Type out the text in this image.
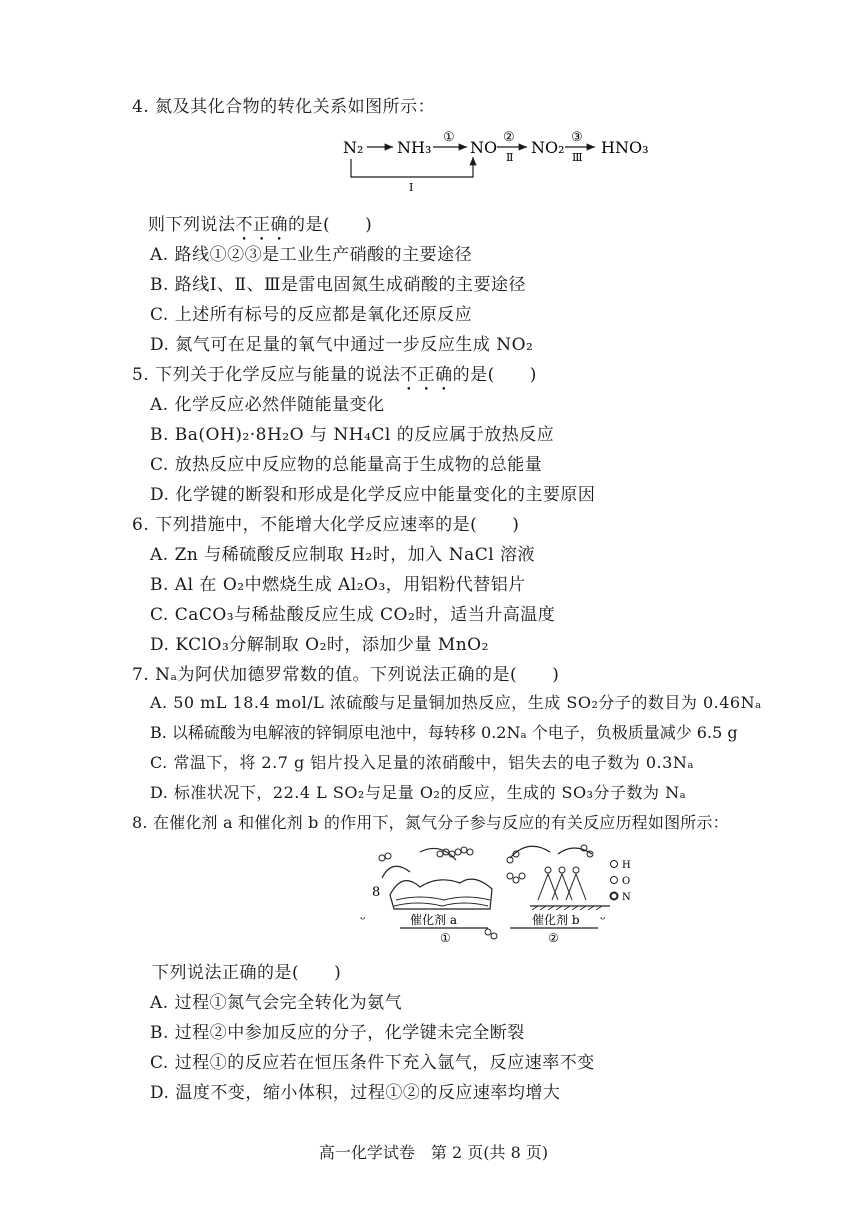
4. 氮及其化合物的转化关系如图所示：
N₂ NH₃
①
NO
②
Ⅱ
NO₂
③
Ⅲ
HNO₃
Ⅰ
则下列说法不正确的是(　　)
A. 路线①②③是工业生产硝酸的主要途径
B. 路线Ⅰ、Ⅱ、Ⅲ是雷电固氮生成硝酸的主要途径
C. 上述所有标号的反应都是氧化还原反应
D. 氮气可在足量的氧气中通过一步反应生成 NO₂
5. 下列关于化学反应与能量的说法不正确的是(　　)
A. 化学反应必然伴随能量变化
B. Ba(OH)₂·8H₂O 与 NH₄Cl 的反应属于放热反应
C. 放热反应中反应物的总能量高于生成物的总能量
D. 化学键的断裂和形成是化学反应中能量变化的主要原因
6. 下列措施中，不能增大化学反应速率的是(　　)
A. Zn 与稀硫酸反应制取 H₂时，加入 NaCl 溶液
B. Al 在 O₂中燃烧生成 Al₂O₃，用铝粉代替铝片
C. CaCO₃与稀盐酸反应生成 CO₂时，适当升高温度
D. KClO₃分解制取 O₂时，添加少量 MnO₂
7. Nₐ为阿伏加德罗常数的值。下列说法正确的是(　　)
A. 50 mL 18.4 mol/L 浓硫酸与足量铜加热反应，生成 SO₂分子的数目为 0.46Nₐ
B. 以稀硫酸为电解液的锌铜原电池中，每转移 0.2Nₐ 个电子，负极质量减少 6.5 g
C. 常温下，将 2.7 g 铝片投入足量的浓硝酸中，铝失去的电子数为 0.3Nₐ
D. 标准状况下，22.4 L SO₂与足量 O₂的反应，生成的 SO₃分子数为 Nₐ
8. 在催化剂 a 和催化剂 b 的作用下，氮气分子参与反应的有关反应历程如图所示：
8
ᵕ	催化剂 a
①
催化剂 b
②
ᵕ
H
O
N
下列说法正确的是(　　)
A. 过程①氮气会完全转化为氨气
B. 过程②中参加反应的分子，化学键未完全断裂
C. 过程①的反应若在恒压条件下充入氩气，反应速率不变
D. 温度不变，缩小体积，过程①②的反应速率均增大
高一化学试卷　第 2 页(共 8 页)
